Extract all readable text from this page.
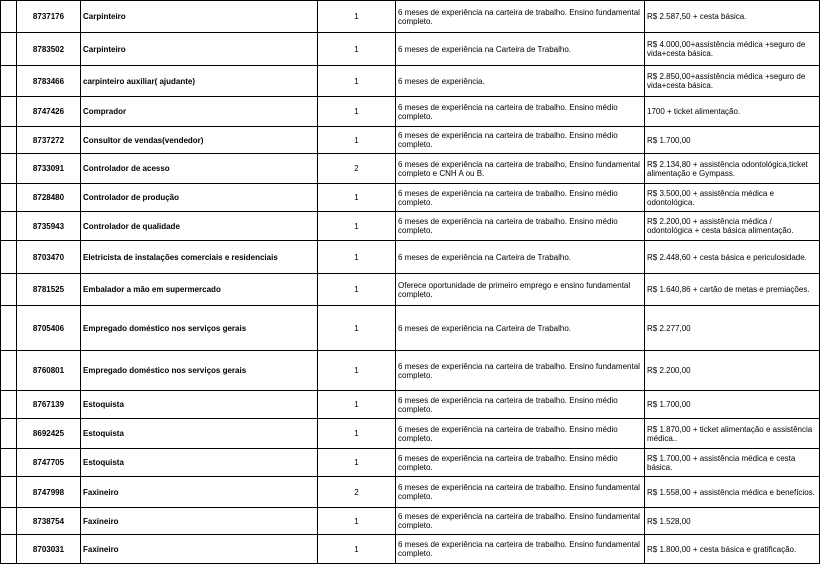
	8737176	Carpinteiro	1	6 meses de experiência na carteira de trabalho. Ensino fundamental completo.	R$ 2.587,50 + cesta básica.
	8783502	Carpinteiro	1	6 meses de experiência na Carteira de Trabalho.	R$ 4.000,00+assistência médica +seguro de vida+cesta básica.
	8783466	carpinteiro auxiliar( ajudante)	1	6 meses de experiência.	R$ 2.850,00+assistência médica +seguro de vida+cesta básica.
	8747426	Comprador	1	6 meses de experiência na carteira de trabalho. Ensino médio completo.	1700 + ticket alimentação.
	8737272	Consultor de vendas(vendedor)	1	6 meses de experiência na carteira de trabalho. Ensino médio completo.	R$ 1.700,00
	8733091	Controlador de acesso	2	6 meses de experiência na carteira de trabalho, Ensino fundamental completo e CNH A ou B.	R$ 2.134,80 + assistência odontológica,ticket alimentação e Gympass.
	8728480	Controlador de produção	1	6 meses de experiência na carteira de trabalho. Ensino médio completo.	R$ 3.500,00 + assistência médica e odontológica.
	8735943	Controlador de qualidade	1	6 meses de experiência na carteira de trabalho. Ensino médio completo.	R$ 2.200,00 + assistência médica / odontológica + cesta básica alimentação.
	8703470	Eletricista de instalações comerciais e residenciais	1	6 meses de experiência na Carteira de Trabalho.	R$ 2.448,60 + cesta básica e periculosidade.
	8781525	Embalador a mão em supermercado	1	Oferece oportunidade de primeiro emprego e ensino fundamental completo.	R$ 1.640,86 + cartão de metas e premiações.
	8705406	Empregado doméstico nos serviços gerais	1	6 meses de experiência na Carteira de Trabalho.	R$ 2.277,00
	8760801	Empregado doméstico nos serviços gerais	1	6 meses de experiência na carteira de trabalho. Ensino fundamental completo.	R$ 2.200,00
	8767139	Estoquista	1	6 meses de experiência na carteira de trabalho. Ensino médio completo.	R$ 1.700,00
	8692425	Estoquista	1	6 meses de experiência na carteira de trabalho. Ensino médio completo.	R$ 1.870,00 + ticket alimentação e assistência médica..
	8747705	Estoquista	1	6 meses de experiência na carteira de trabalho. Ensino médio completo.	R$ 1.700,00 + assistência médica e cesta básica.
	8747998	Faxineiro	2	6 meses de experiência na carteira de trabalho. Ensino fundamental completo.	R$ 1.558,00 + assistência médica e benefícios.
	8738754	Faxineiro	1	6 meses de experiência na carteira de trabalho. Ensino fundamental completo.	R$ 1.528,00
	8703031	Faxineiro	1	6 meses de experiência na carteira de trabalho. Ensino fundamental completo.	R$ 1.800,00 + cesta básica e gratificação.
